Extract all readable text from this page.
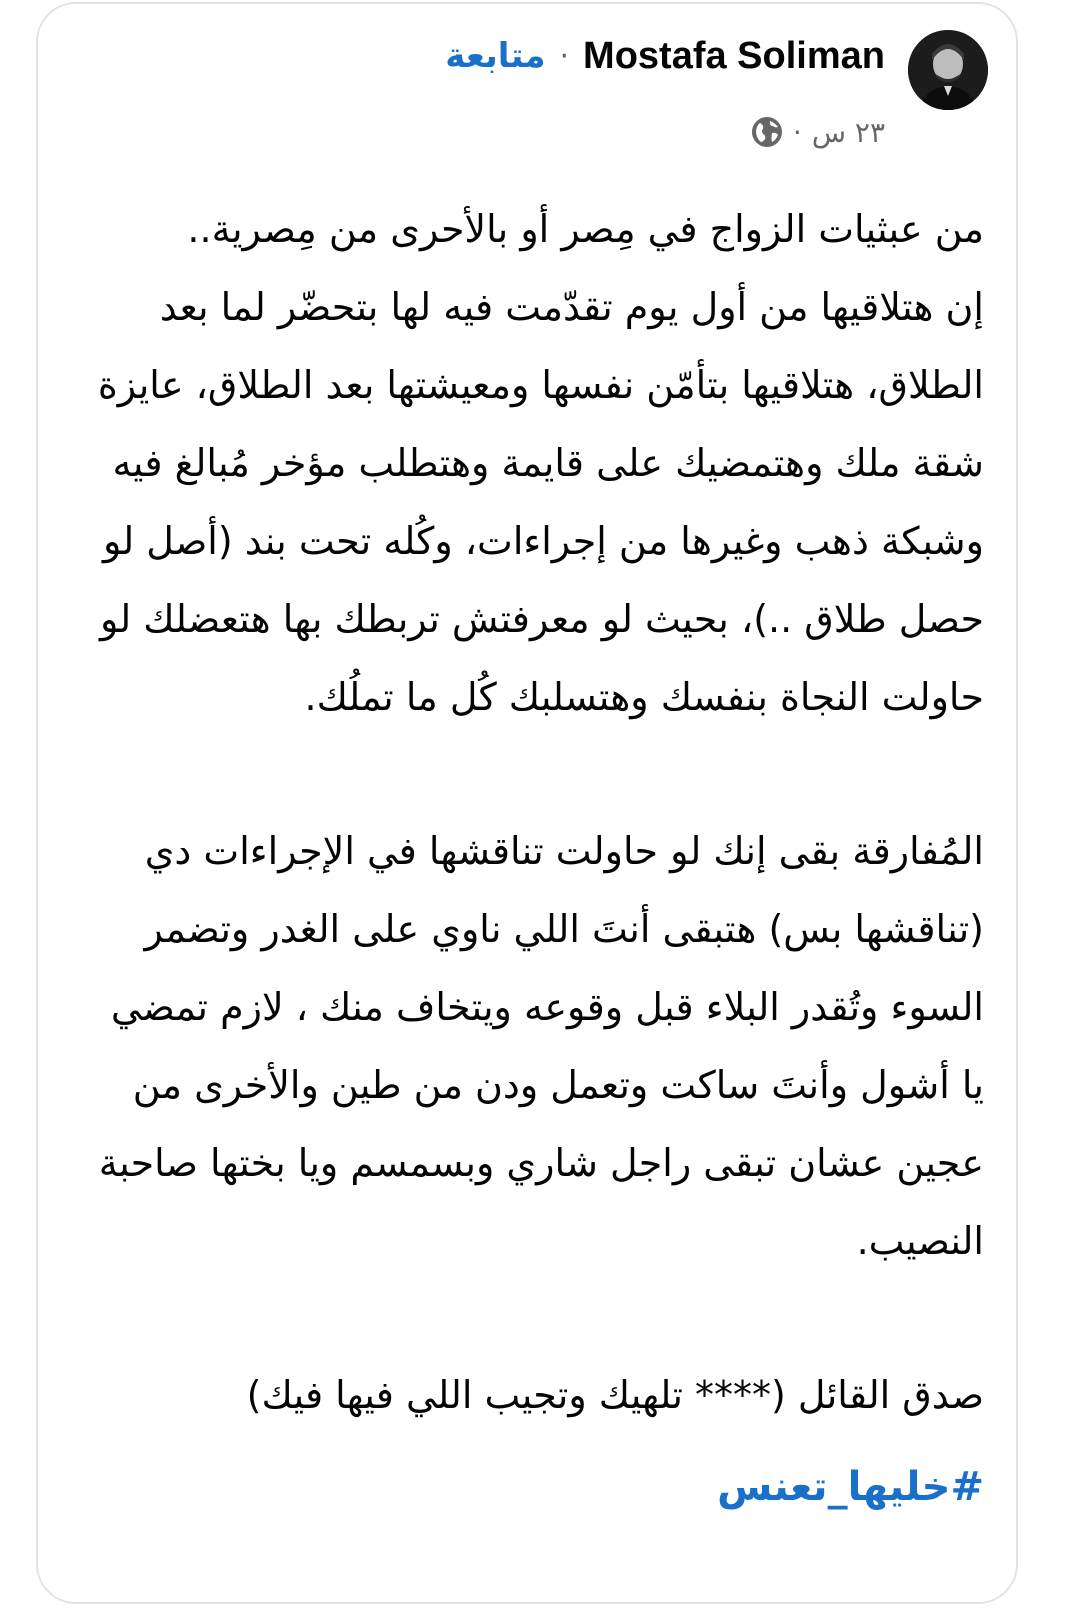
متابعة · Mostafa Soliman
· ٢٣ س

من عبثيات الزواج في مِصر أو بالأحرى من مِصرية..
إن هتلاقيها من أول يوم تقدّمت فيه لها بتحضّر لما بعد الطلاق، هتلاقيها بتأمّن نفسها ومعيشتها بعد الطلاق، عايزة شقة ملك وهتمضيك على قايمة وهتطلب مؤخر مُبالغ فيه وشبكة ذهب وغيرها من إجراءات، وكُله تحت بند (أصل لو حصل طلاق ..)، بحيث لو معرفتش تربطك بها هتعضلك لو حاولت النجاة بنفسك وهتسلبك كُل ما تملُك.

المُفارقة بقى إنك لو حاولت تناقشها في الإجراءات دي (تناقشها بس) هتبقى أنتَ اللي ناوي على الغدر وتضمر السوء وتُقدر البلاء قبل وقوعه ويتخاف منك ، لازم تمضي يا أشول وأنتَ ساكت وتعمل ودن من طين والأخرى من عجين عشان تبقى راجل شاري وبسمسم ويا بختها صاحبة النصيب.

صدق القائل (**** تلهيك وتجيب اللي فيها فيك)

#خليها_تعنس
